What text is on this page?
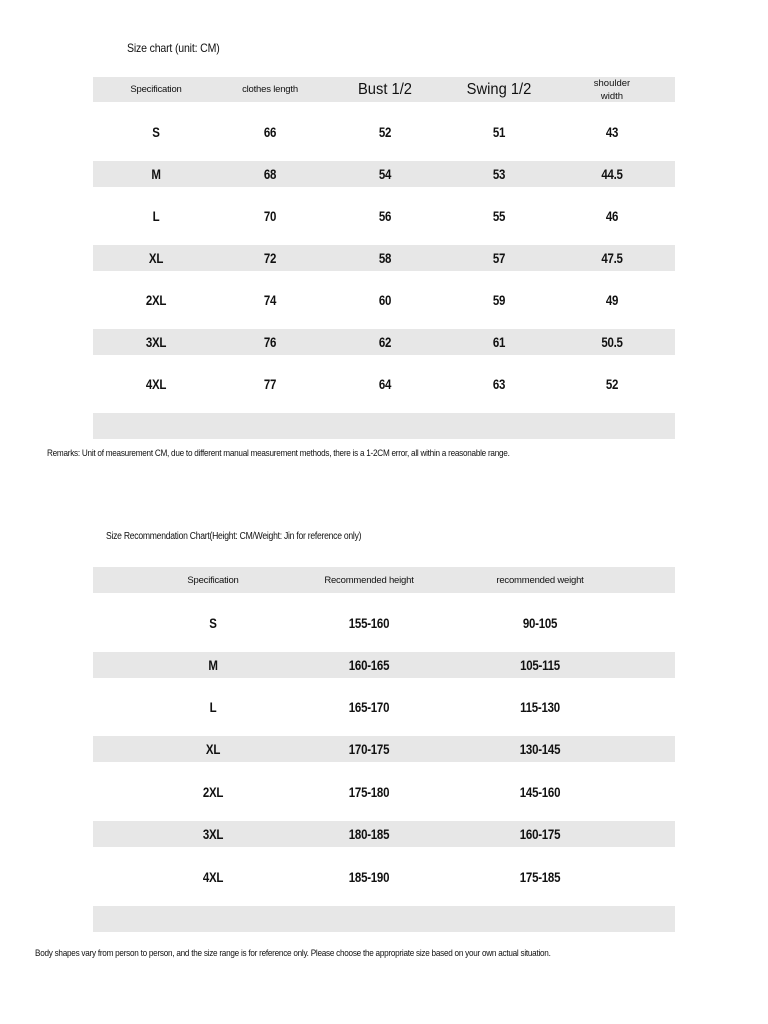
Size chart (unit: CM)
Specification	clothes length	Bust 1/2	Swing 1/2	shoulder width
S	66	52	51	43
M	68	54	53	44.5
L	70	56	55	46
XL	72	58	57	47.5
2XL	74	60	59	49
3XL	76	62	61	50.5
4XL	77	64	63	52
Remarks: Unit of measurement CM, due to different manual measurement methods, there is a 1-2CM error, all within a reasonable range.
Size Recommendation Chart(Height: CM/Weight: Jin for reference only)
Specification	Recommended height	recommended weight
S	155-160	90-105
M	160-165	105-115
L	165-170	115-130
XL	170-175	130-145
2XL	175-180	145-160
3XL	180-185	160-175
4XL	185-190	175-185
Body shapes vary from person to person, and the size range is for reference only. Please choose the appropriate size based on your own actual situation.
